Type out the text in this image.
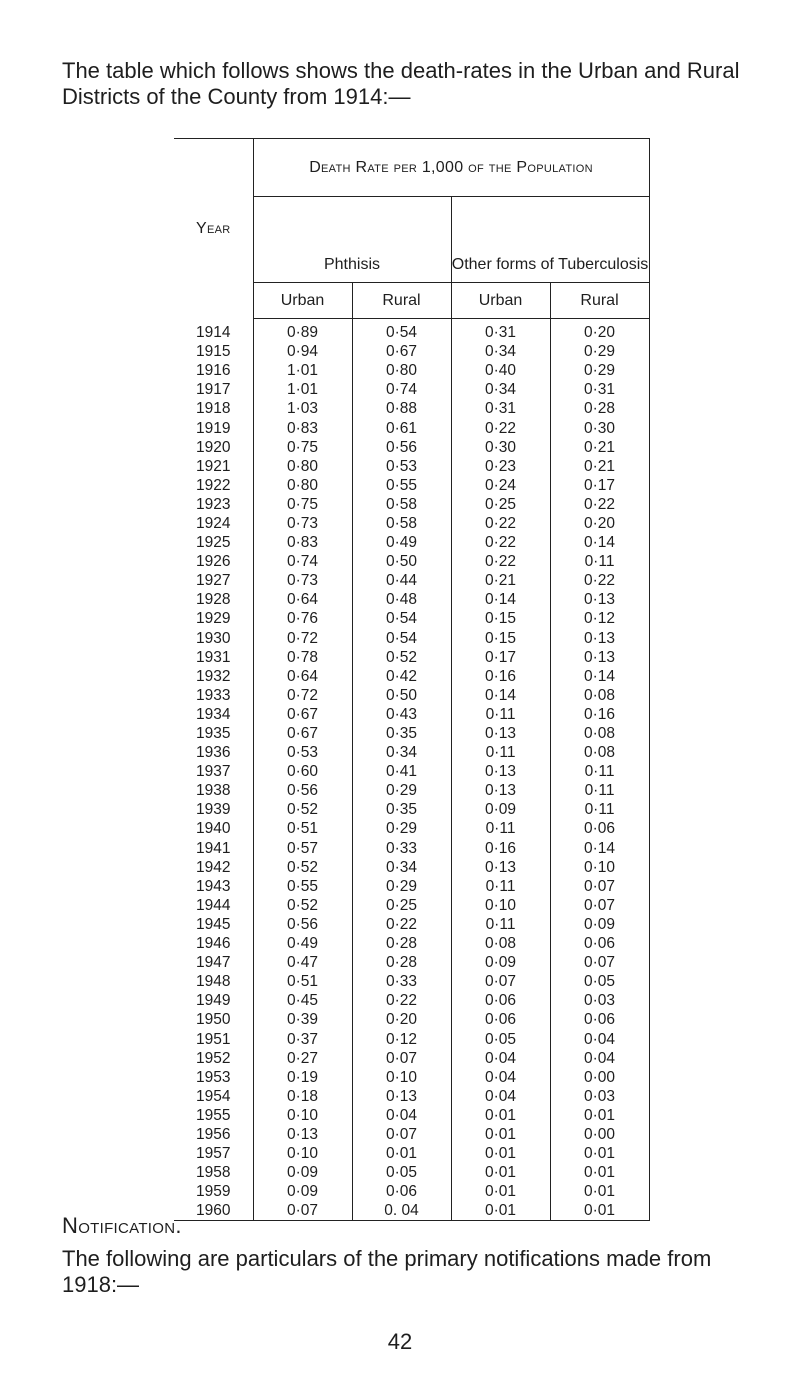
The table which follows shows the death-rates in the Urban and Rural Districts of the County from 1914:—
Year	Death Rate per 1,000 of the Population			
	Phthisis		Other forms of Tuberculosis	
	Urban	Rural	Urban	Rural
1914	0·89	0·54	0·31	0·20
1915	0·94	0·67	0·34	0·29
1916	1·01	0·80	0·40	0·29
1917	1·01	0·74	0·34	0·31
1918	1·03	0·88	0·31	0·28
1919	0·83	0·61	0·22	0·30
1920	0·75	0·56	0·30	0·21
1921	0·80	0·53	0·23	0·21
1922	0·80	0·55	0·24	0·17
1923	0·75	0·58	0·25	0·22
1924	0·73	0·58	0·22	0·20
1925	0·83	0·49	0·22	0·14
1926	0·74	0·50	0·22	0·11
1927	0·73	0·44	0·21	0·22
1928	0·64	0·48	0·14	0·13
1929	0·76	0·54	0·15	0·12
1930	0·72	0·54	0·15	0·13
1931	0·78	0·52	0·17	0·13
1932	0·64	0·42	0·16	0·14
1933	0·72	0·50	0·14	0·08
1934	0·67	0·43	0·11	0·16
1935	0·67	0·35	0·13	0·08
1936	0·53	0·34	0·11	0·08
1937	0·60	0·41	0·13	0·11
1938	0·56	0·29	0·13	0·11
1939	0·52	0·35	0·09	0·11
1940	0·51	0·29	0·11	0·06
1941	0·57	0·33	0·16	0·14
1942	0·52	0·34	0·13	0·10
1943	0·55	0·29	0·11	0·07
1944	0·52	0·25	0·10	0·07
1945	0·56	0·22	0·11	0·09
1946	0·49	0·28	0·08	0·06
1947	0·47	0·28	0·09	0·07
1948	0·51	0·33	0·07	0·05
1949	0·45	0·22	0·06	0·03
1950	0·39	0·20	0·06	0·06
1951	0·37	0·12	0·05	0·04
1952	0·27	0·07	0·04	0·04
1953	0·19	0·10	0·04	0·00
1954	0·18	0·13	0·04	0·03
1955	0·10	0·04	0·01	0·01
1956	0·13	0·07	0·01	0·00
1957	0·10	0·01	0·01	0·01
1958	0·09	0·05	0·01	0·01
1959	0·09	0·06	0·01	0·01
1960	0·07	0. 04	0·01	0·01
Notification.
The following are particulars of the primary notifications made from 1918:—
42
